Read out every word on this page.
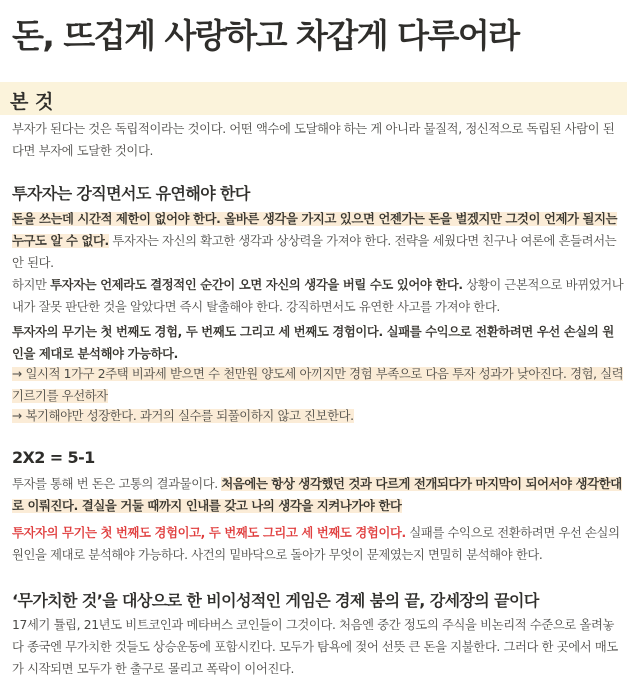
돈, 뜨겁게 사랑하고 차갑게 다루어라
본 것
부자가 된다는 것은 독립적이라는 것이다. 어떤 액수에 도달해야 하는 게 아니라 물질적, 정신적으로 독립된 사람이 된다면 부자에 도달한 것이다.
투자자는 강직면서도 유연해야 한다
돈을 쓰는데 시간적 제한이 없어야 한다. 올바른 생각을 가지고 있으면 언젠가는 돈을 벌겠지만 그것이 언제가 될지는 누구도 알 수 없다. 투자자는 자신의 확고한 생각과 상상력을 가져야 한다. 전략을 세웠다면 친구나 여론에 흔들려서는 안 된다.
하지만 투자자는 언제라도 결정적인 순간이 오면 자신의 생각을 버릴 수도 있어야 한다. 상황이 근본적으로 바뀌었거나 내가 잘못 판단한 것을 알았다면 즉시 탈출해야 한다. 강직하면서도 유연한 사고를 가져야 한다.
투자자의 무기는 첫 번째도 경험, 두 번째도 그리고 세 번째도 경험이다. 실패를 수익으로 전환하려면 우선 손실의 원인을 제대로 분석해야 가능하다.
→ 일시적 1가구 2주택 비과세 받으면 수 천만원 양도세 아끼지만 경험 부족으로 다음 투자 성과가 낮아진다. 경험, 실력 기르기를 우선하자
→ 복기해야만 성장한다. 과거의 실수를 되풀이하지 않고 진보한다.
2X2 = 5-1
투자를 통해 번 돈은 고통의 결과물이다. 처음에는 항상 생각했던 것과 다르게 전개되다가 마지막이 되어서야 생각한대로 이뤄진다. 결실을 거둘 때까지 인내를 갖고 나의 생각을 지켜나가야 한다
투자자의 무기는 첫 번째도 경험이고, 두 번째도 그리고 세 번째도 경험이다. 실패를 수익으로 전환하려면 우선 손실의 원인을 제대로 분석해야 가능하다. 사건의 밑바닥으로 돌아가 무엇이 문제였는지 면밀히 분석해야 한다.
‘무가치한 것’을 대상으로 한 비이성적인 게임은 경제 붐의 끝, 강세장의 끝이다
17세기 튤립, 21년도 비트코인과 메타버스 코인들이 그것이다. 처음엔 중간 정도의 주식을 비논리적 수준으로 올려놓다 종국엔 무가치한 것들도 상승운동에 포함시킨다. 모두가 탐욕에 젖어 선뜻 큰 돈을 지불한다. 그러다 한 곳에서 매도가 시작되면 모두가 한 출구로 몰리고 폭락이 이어진다.
